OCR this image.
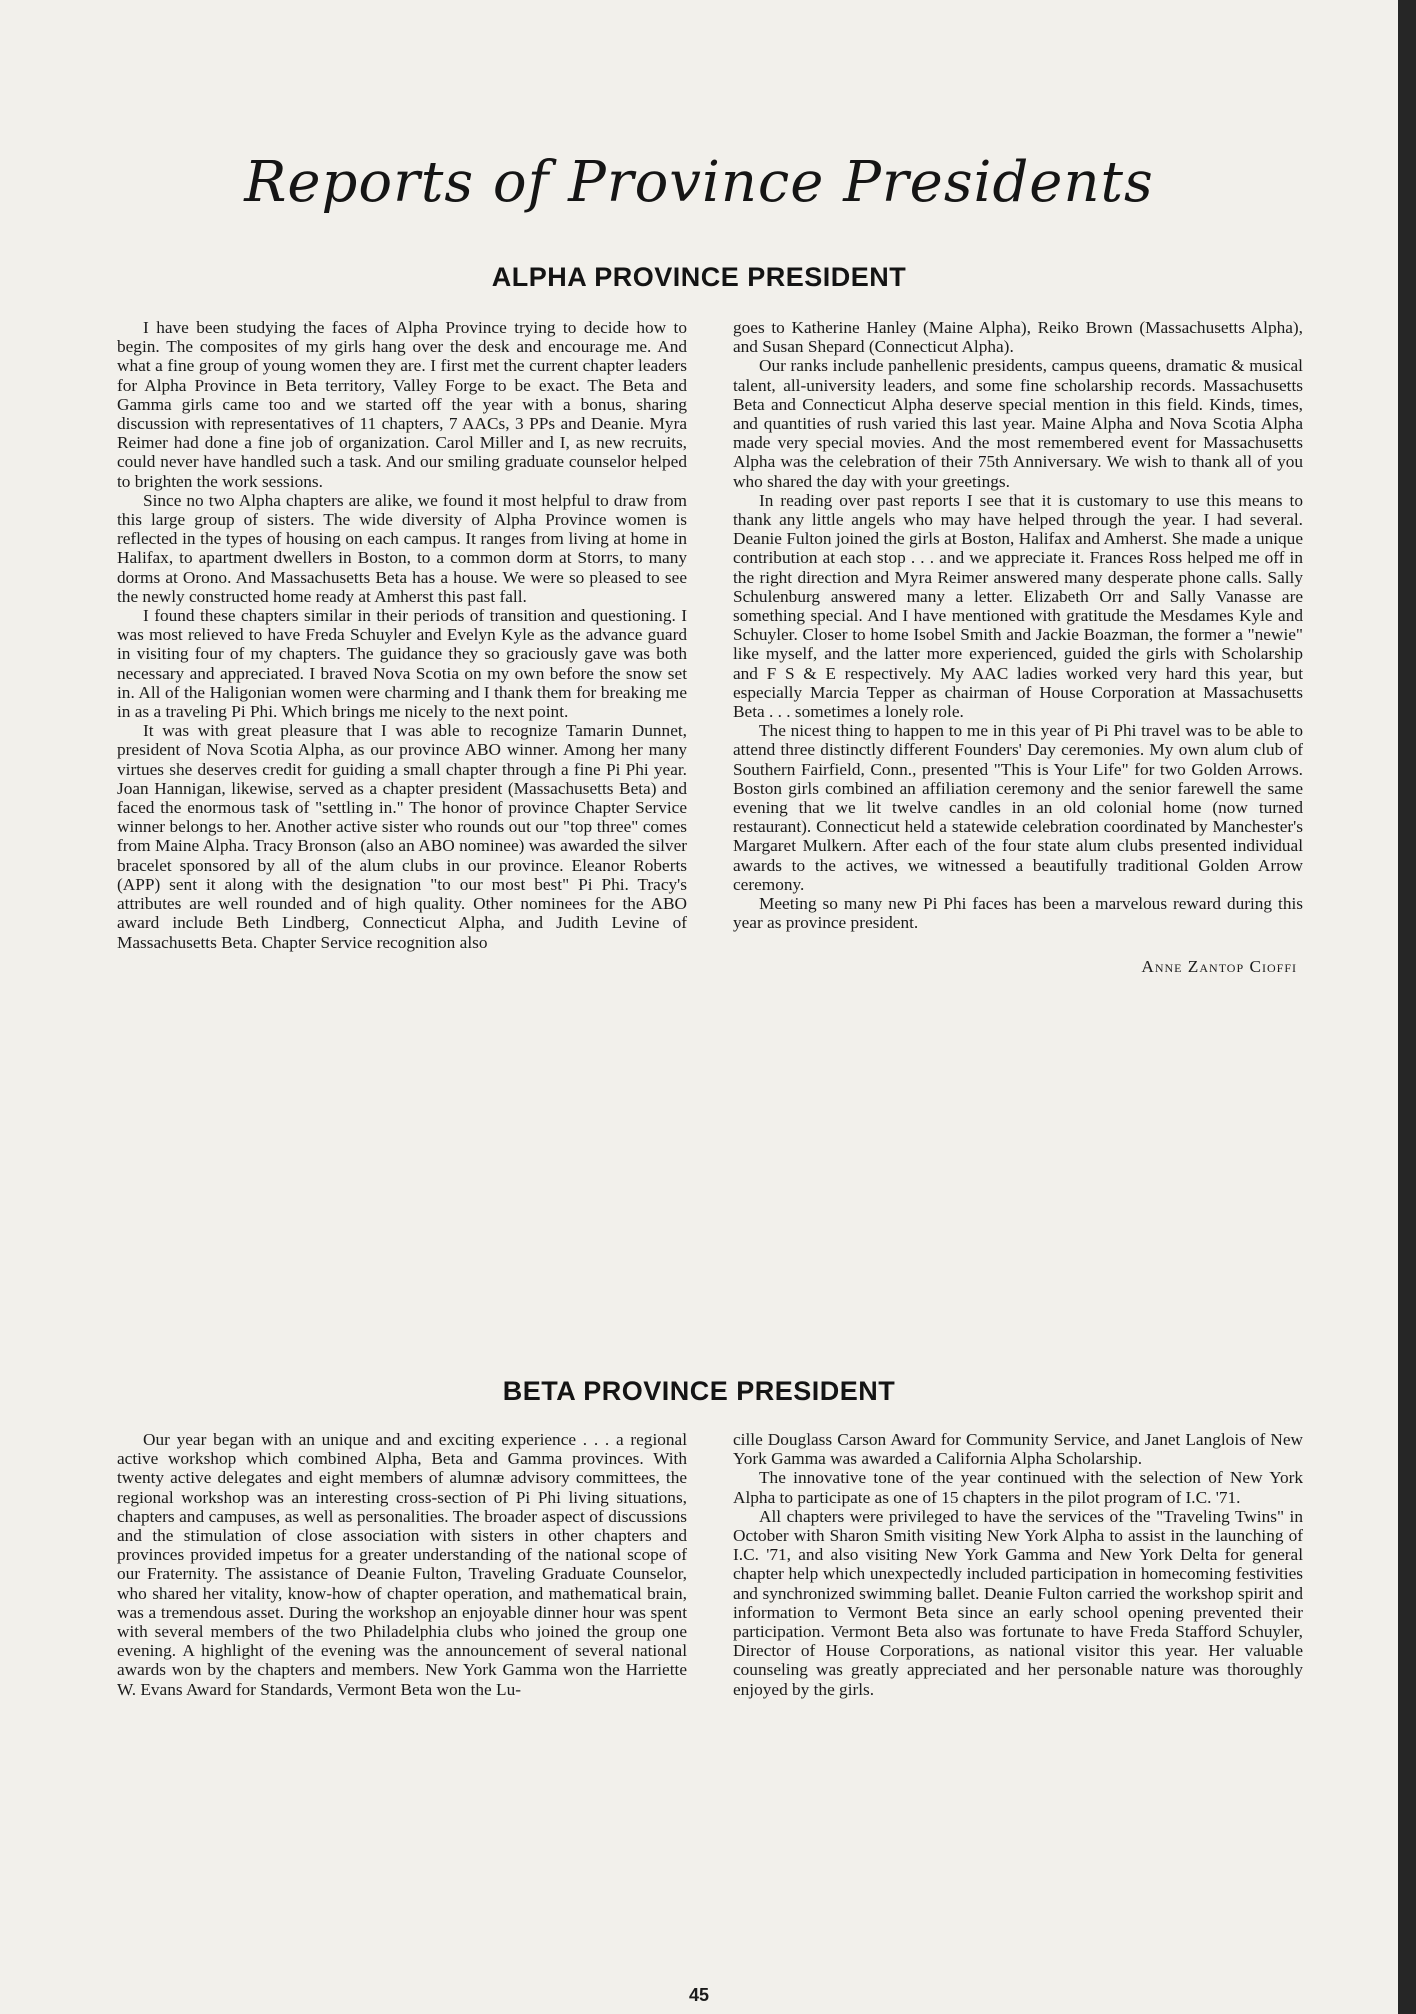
Reports of Province Presidents
ALPHA PROVINCE PRESIDENT

I have been studying the faces of Alpha Province trying to decide how to begin. The composites of my girls hang over the desk and encourage me. And what a fine group of young women they are. I first met the current chapter leaders for Alpha Province in Beta territory, Valley Forge to be exact. The Beta and Gamma girls came too and we started off the year with a bonus, sharing discussion with representatives of 11 chapters, 7 AACs, 3 PPs and Deanie. Myra Reimer had done a fine job of organization. Carol Miller and I, as new recruits, could never have handled such a task. And our smiling graduate counselor helped to brighten the work sessions.

Since no two Alpha chapters are alike, we found it most helpful to draw from this large group of sisters. The wide diversity of Alpha Province women is reflected in the types of housing on each campus. It ranges from living at home in Halifax, to apartment dwellers in Boston, to a common dorm at Storrs, to many dorms at Orono. And Massachusetts Beta has a house. We were so pleased to see the newly constructed home ready at Amherst this past fall.

I found these chapters similar in their periods of transition and questioning. I was most relieved to have Freda Schuyler and Evelyn Kyle as the advance guard in visiting four of my chapters. The guidance they so graciously gave was both necessary and appreciated. I braved Nova Scotia on my own before the snow set in. All of the Haligonian women were charming and I thank them for breaking me in as a traveling Pi Phi. Which brings me nicely to the next point.

It was with great pleasure that I was able to recognize Tamarin Dunnet, president of Nova Scotia Alpha, as our province ABO winner. Among her many virtues she deserves credit for guiding a small chapter through a fine Pi Phi year. Joan Hannigan, likewise, served as a chapter president (Massachusetts Beta) and faced the enormous task of "settling in." The honor of province Chapter Service winner belongs to her. Another active sister who rounds out our "top three" comes from Maine Alpha. Tracy Bronson (also an ABO nominee) was awarded the silver bracelet sponsored by all of the alum clubs in our province. Eleanor Roberts (APP) sent it along with the designation "to our most best" Pi Phi. Tracy's attributes are well rounded and of high quality. Other nominees for the ABO award include Beth Lindberg, Connecticut Alpha, and Judith Levine of Massachusetts Beta. Chapter Service recognition also

goes to Katherine Hanley (Maine Alpha), Reiko Brown (Massachusetts Alpha), and Susan Shepard (Connecticut Alpha).

Our ranks include panhellenic presidents, campus queens, dramatic & musical talent, all-university leaders, and some fine scholarship records. Massachusetts Beta and Connecticut Alpha deserve special mention in this field. Kinds, times, and quantities of rush varied this last year. Maine Alpha and Nova Scotia Alpha made very special movies. And the most remembered event for Massachusetts Alpha was the celebration of their 75th Anniversary. We wish to thank all of you who shared the day with your greetings.

In reading over past reports I see that it is customary to use this means to thank any little angels who may have helped through the year. I had several. Deanie Fulton joined the girls at Boston, Halifax and Amherst. She made a unique contribution at each stop . . . and we appreciate it. Frances Ross helped me off in the right direction and Myra Reimer answered many desperate phone calls. Sally Schulenburg answered many a letter. Elizabeth Orr and Sally Vanasse are something special. And I have mentioned with gratitude the Mesdames Kyle and Schuyler. Closer to home Isobel Smith and Jackie Boazman, the former a "newie" like myself, and the latter more experienced, guided the girls with Scholarship and F S & E respectively. My AAC ladies worked very hard this year, but especially Marcia Tepper as chairman of House Corporation at Massachusetts Beta . . . sometimes a lonely role.

The nicest thing to happen to me in this year of Pi Phi travel was to be able to attend three distinctly different Founders' Day ceremonies. My own alum club of Southern Fairfield, Conn., presented "This is Your Life" for two Golden Arrows. Boston girls combined an affiliation ceremony and the senior farewell the same evening that we lit twelve candles in an old colonial home (now turned restaurant). Connecticut held a statewide celebration coordinated by Manchester's Margaret Mulkern. After each of the four state alum clubs presented individual awards to the actives, we witnessed a beautifully traditional Golden Arrow ceremony.

Meeting so many new Pi Phi faces has been a marvelous reward during this year as province president.

Anne Zantop Cioffi

BETA PROVINCE PRESIDENT

Our year began with an unique and and exciting experience . . . a regional active workshop which combined Alpha, Beta and Gamma provinces. With twenty active delegates and eight members of alumnæ advisory committees, the regional workshop was an interesting cross-section of Pi Phi living situations, chapters and campuses, as well as personalities. The broader aspect of discussions and the stimulation of close association with sisters in other chapters and provinces provided impetus for a greater understanding of the national scope of our Fraternity. The assistance of Deanie Fulton, Traveling Graduate Counselor, who shared her vitality, know-how of chapter operation, and mathematical brain, was a tremendous asset. During the workshop an enjoyable dinner hour was spent with several members of the two Philadelphia clubs who joined the group one evening. A highlight of the evening was the announcement of several national awards won by the chapters and members. New York Gamma won the Harriette W. Evans Award for Standards, Vermont Beta won the Lu-

cille Douglass Carson Award for Community Service, and Janet Langlois of New York Gamma was awarded a California Alpha Scholarship.

The innovative tone of the year continued with the selection of New York Alpha to participate as one of 15 chapters in the pilot program of I.C. '71.

All chapters were privileged to have the services of the "Traveling Twins" in October with Sharon Smith visiting New York Alpha to assist in the launching of I.C. '71, and also visiting New York Gamma and New York Delta for general chapter help which unexpectedly included participation in homecoming festivities and synchronized swimming ballet. Deanie Fulton carried the workshop spirit and information to Vermont Beta since an early school opening prevented their participation. Vermont Beta also was fortunate to have Freda Stafford Schuyler, Director of House Corporations, as national visitor this year. Her valuable counseling was greatly appreciated and her personable nature was thoroughly enjoyed by the girls.

45
